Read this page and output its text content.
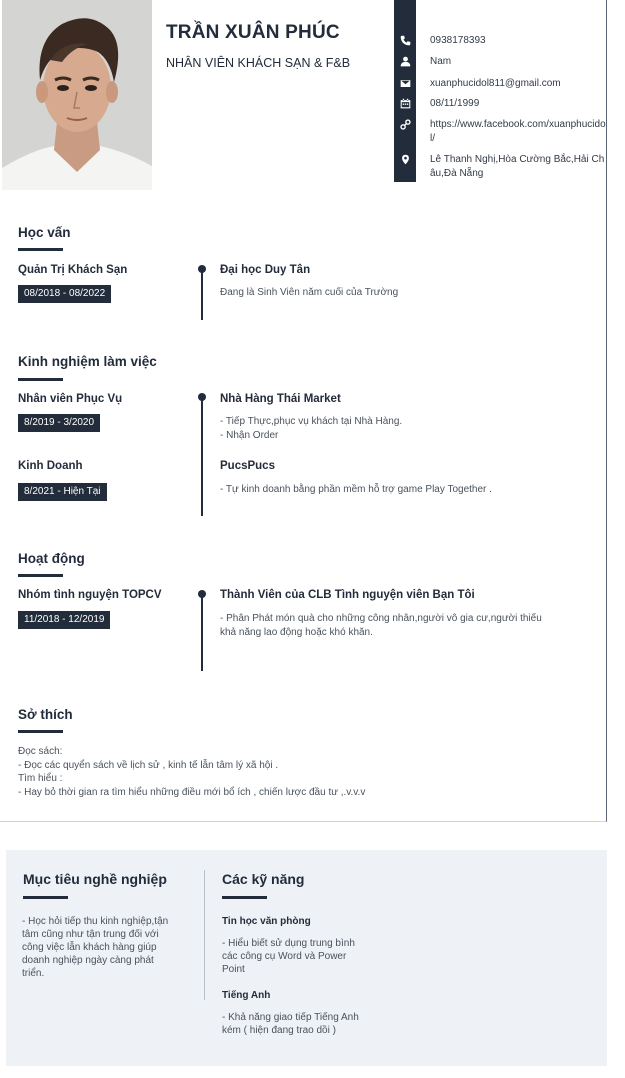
TRẦN XUÂN PHÚC
NHÂN VIÊN KHÁCH SẠN & F&B
0938178393
Nam
xuanphucidol811@gmail.com
08/11/1999
https://www.facebook.com/xuanphucidol/
Lê Thanh Nghị,Hòa Cường Bắc,Hải Châu,Đà Nẵng
Học vấn
Quản Trị Khách Sạn
08/2018 - 08/2022
Đại học Duy Tân
Đang là Sinh Viên năm cuối của Trường
Kinh nghiệm làm việc
Nhân viên Phục Vụ
8/2019 - 3/2020
Nhà Hàng Thái Market
- Tiếp Thực,phục vụ khách tại Nhà Hàng.
- Nhận Order
Kinh Doanh
8/2021 - Hiện Tại
PucsPucs
- Tự kinh doanh bằng phần mềm hỗ trợ game Play Together .
Hoạt động
Nhóm tình nguyện TOPCV
11/2018 - 12/2019
Thành Viên của CLB Tình nguyện viên Bạn Tôi
- Phân Phát món quà cho những công nhân,người vô gia cư,người thiếu
khả năng lao động hoặc khó khăn.
Sở thích
Đọc sách:
- Đọc các quyển sách về lịch sử , kinh tế lẫn tâm lý xã hội .
Tìm hiểu :
- Hay bỏ thời gian ra tìm hiểu những điều mới bổ ích , chiến lược đầu tư ,.v.v.v
Mục tiêu nghề nghiệp
- Học hỏi tiếp thu kinh nghiệp,tận
tâm cũng như tận trung đối với
công việc lẫn khách hàng giúp
doanh nghiệp ngày càng phát
triển.
Các kỹ năng
Tin học văn phòng
- Hiểu biết sử dụng trung bình
các công cụ Word và Power
Point
Tiếng Anh
- Khả năng giao tiếp Tiếng Anh
kém ( hiện đang trao dồi )
